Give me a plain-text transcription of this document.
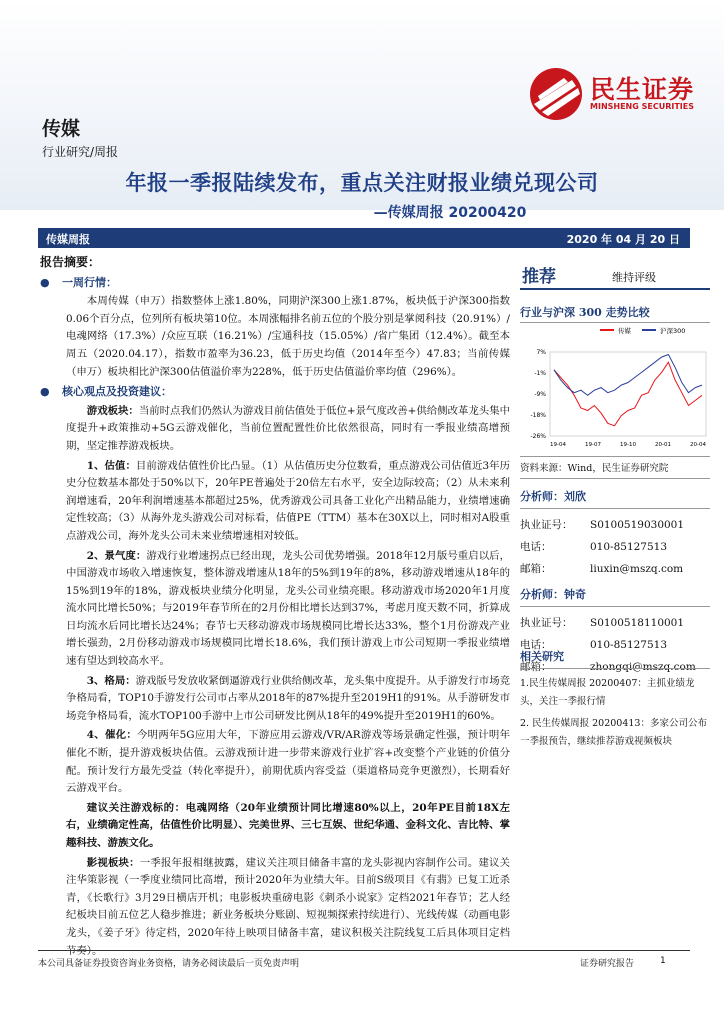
民生证券
MINSHENG SECURITIES
传媒
行业研究/周报
年报一季报陆续发布，重点关注财报业绩兑现公司
—传媒周报 20200420
传媒周报	2020 年 04 月 20 日
报告摘要：

● 一周行情：

本周传媒（申万）指数整体上涨1.80%，同期沪深300上涨1.87%，板块低于沪深300指数0.06个百分点，位列所有板块第10位。本周涨幅排名前五位的个股分别是掌阅科技（20.91%）/电魂网络（17.3%）/众应互联（16.21%）/宝通科技（15.05%）/省广集团（12.4%）。截至本周五（2020.04.17），指数市盈率为36.23，低于历史均值（2014年至今）47.83；当前传媒（申万）板块相比沪深300估值溢价率为228%，低于历史估值溢价率均值（296%）。

● 核心观点及投资建议：

游戏板块：当前时点我们仍然认为游戏目前估值处于低位+景气度改善+供给侧改革龙头集中度提升+政策推动+5G云游戏催化，当前位置配置性价比依然很高，同时有一季报业绩高增预期，坚定推荐游戏板块。

1、估值：目前游戏估值性价比凸显。（1）从估值历史分位数看，重点游戏公司估值近3年历史分位数基本都处于50%以下，20年PE普遍处于20倍左右水平，安全边际较高；（2）从未来利润增速看，20年利润增速基本都超过25%，优秀游戏公司具备工业化产出精品能力，业绩增速确定性较高；（3）从海外龙头游戏公司对标看，估值PE（TTM）基本在30X以上，同时相对A股重点游戏公司，海外龙头公司未来业绩增速相对较低。

2、景气度：游戏行业增速拐点已经出现，龙头公司优势增强。2018年12月版号重启以后，中国游戏市场收入增速恢复，整体游戏增速从18年的5%到19年的8%，移动游戏增速从18年的15%到19年的18%，游戏板块业绩分化明显，龙头公司业绩亮眼。移动游戏市场2020年1月度流水同比增长50%；与2019年春节所在的2月份相比增长达到37%，考虑月度天数不同，折算成日均流水后同比增长达24%；春节七天移动游戏市场规模同比增长达33%，整个1月份游戏产业增长强劲，2月份移动游戏市场规模同比增长18.6%，我们预计游戏上市公司短期一季报业绩增速有望达到较高水平。

3、格局：游戏版号发放收紧倒逼游戏行业供给侧改革，龙头集中度提升。从手游发行市场竞争格局看，TOP10手游发行公司市占率从2018年的87%提升至2019H1的91%。从手游研发市场竞争格局看，流水TOP100手游中上市公司研发比例从18年的49%提升至2019H1的60%。

4、催化：今明两年5G应用大年，下游应用云游戏/VR/AR游戏等场景确定性强，预计明年催化不断，提升游戏板块估值。云游戏预计进一步带来游戏行业扩容+改变整个产业链的价值分配。预计发行方最先受益（转化率提升），前期优质内容受益（渠道格局竞争更激烈），长期看好云游戏平台。

建议关注游戏标的：电魂网络（20年业绩预计同比增速80%以上，20年PE目前18X左右，业绩确定性高，估值性价比明显）、完美世界、三七互娱、世纪华通、金科文化、吉比特、掌趣科技、游族文化。

影视板块：一季报年报相继披露，建议关注项目储备丰富的龙头影视内容制作公司。建议关注华策影视（一季度业绩同比高增，预计2020年为业绩大年。目前S级项目《有翡》已复工近杀青，《长歌行》3月29日横店开机；电影板块重磅电影《刺杀小说家》定档2021年春节；艺人经纪板块目前五位艺人稳步推进；新业务板块分账剧、短视频探索持续进行）、光线传媒（动画电影龙头，《姜子牙》待定档，2020年待上映项目储备丰富，建议积极关注院线复工后具体项目定档节奏）。

推荐	维持评级
行业与沪深 300 走势比较
传媒	沪深300
7%
-1%
-9%
-18%
-26%
19-04	19-07	19-10	20-01	20-04
资料来源：Wind，民生证券研究院
分析师：刘欣
执业证号： S0100519030001
电话：	010-85127513
邮箱：	liuxin@mszq.com
分析师：钟奇
执业证号： S0100518110001
电话：	010-85127513
邮箱：	zhongqi@mszq.com
相关研究
1.民生传媒周报 20200407：主抓业绩龙头，关注一季报行情
2. 民生传媒周报 20200413：多家公司公布一季报预告，继续推荐游戏视频板块
本公司具备证券投资咨询业务资格，请务必阅读最后一页免责声明	证券研究报告	1
